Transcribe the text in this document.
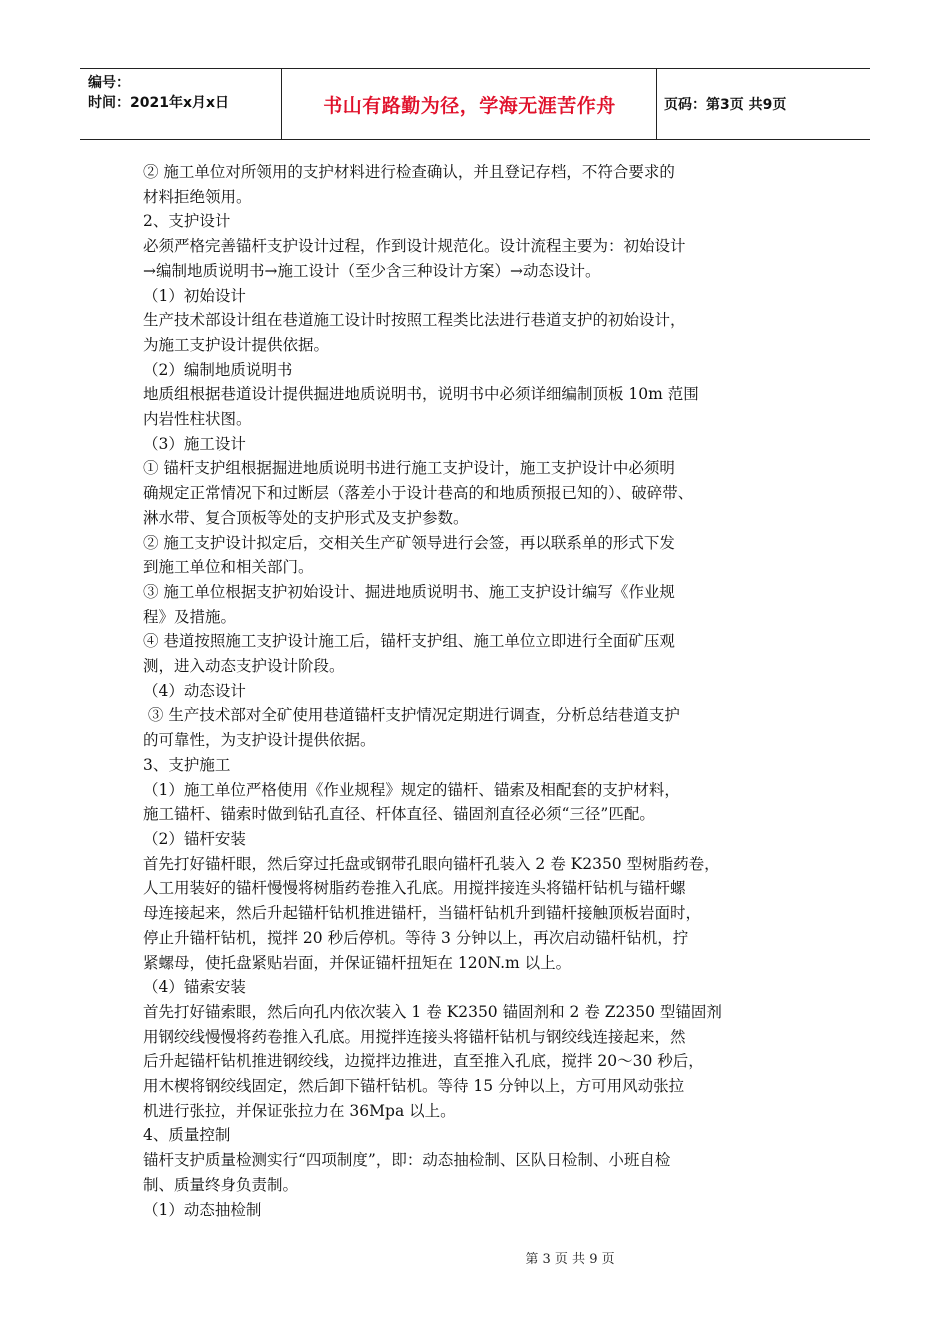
编号：
时间：2021年x月x日	书山有路勤为径，学海无涯苦作舟	页码：第3页 共9页

② 施工单位对所领用的支护材料进行检查确认，并且登记存档，不符合要求的

材料拒绝领用。

2、支护设计

必须严格完善锚杆支护设计过程，作到设计规范化。设计流程主要为：初始设计

→编制地质说明书→施工设计（至少含三种设计方案）→动态设计。

（1）初始设计

生产技术部设计组在巷道施工设计时按照工程类比法进行巷道支护的初始设计，

为施工支护设计提供依据。

（2）编制地质说明书

地质组根据巷道设计提供掘进地质说明书，说明书中必须详细编制顶板 10m 范围

内岩性柱状图。

（3）施工设计

① 锚杆支护组根据掘进地质说明书进行施工支护设计，施工支护设计中必须明

确规定正常情况下和过断层（落差小于设计巷高的和地质预报已知的）、破碎带、

淋水带、复合顶板等处的支护形式及支护参数。

② 施工支护设计拟定后，交相关生产矿领导进行会签，再以联系单的形式下发

到施工单位和相关部门。

③ 施工单位根据支护初始设计、掘进地质说明书、施工支护设计编写《作业规

程》及措施。

④ 巷道按照施工支护设计施工后，锚杆支护组、施工单位立即进行全面矿压观

测，进入动态支护设计阶段。

（4）动态设计

③ 生产技术部对全矿使用巷道锚杆支护情况定期进行调查，分析总结巷道支护

的可靠性，为支护设计提供依据。

3、支护施工

（1）施工单位严格使用《作业规程》规定的锚杆、锚索及相配套的支护材料，

施工锚杆、锚索时做到钻孔直径、杆体直径、锚固剂直径必须“三径”匹配。

（2）锚杆安装

首先打好锚杆眼，然后穿过托盘或钢带孔眼向锚杆孔装入 2 卷 K2350 型树脂药卷，

人工用装好的锚杆慢慢将树脂药卷推入孔底。用搅拌接连头将锚杆钻机与锚杆螺

母连接起来，然后升起锚杆钻机推进锚杆，当锚杆钻机升到锚杆接触顶板岩面时，

停止升锚杆钻机，搅拌 20 秒后停机。等待 3 分钟以上，再次启动锚杆钻机，拧

紧螺母，使托盘紧贴岩面，并保证锚杆扭矩在 120N.m 以上。

（4）锚索安装

首先打好锚索眼，然后向孔内依次装入 1 卷 K2350 锚固剂和 2 卷 Z2350 型锚固剂

用钢绞线慢慢将药卷推入孔底。用搅拌连接头将锚杆钻机与钢绞线连接起来，然

后升起锚杆钻机推进钢绞线，边搅拌边推进，直至推入孔底，搅拌 20～30 秒后，

用木楔将钢绞线固定，然后卸下锚杆钻机。等待 15 分钟以上，方可用风动张拉

机进行张拉，并保证张拉力在 36Mpa 以上。

4、质量控制

锚杆支护质量检测实行“四项制度”，即：动态抽检制、区队日检制、小班自检

制、质量终身负责制。

（1）动态抽检制

第 3 页 共 9 页
